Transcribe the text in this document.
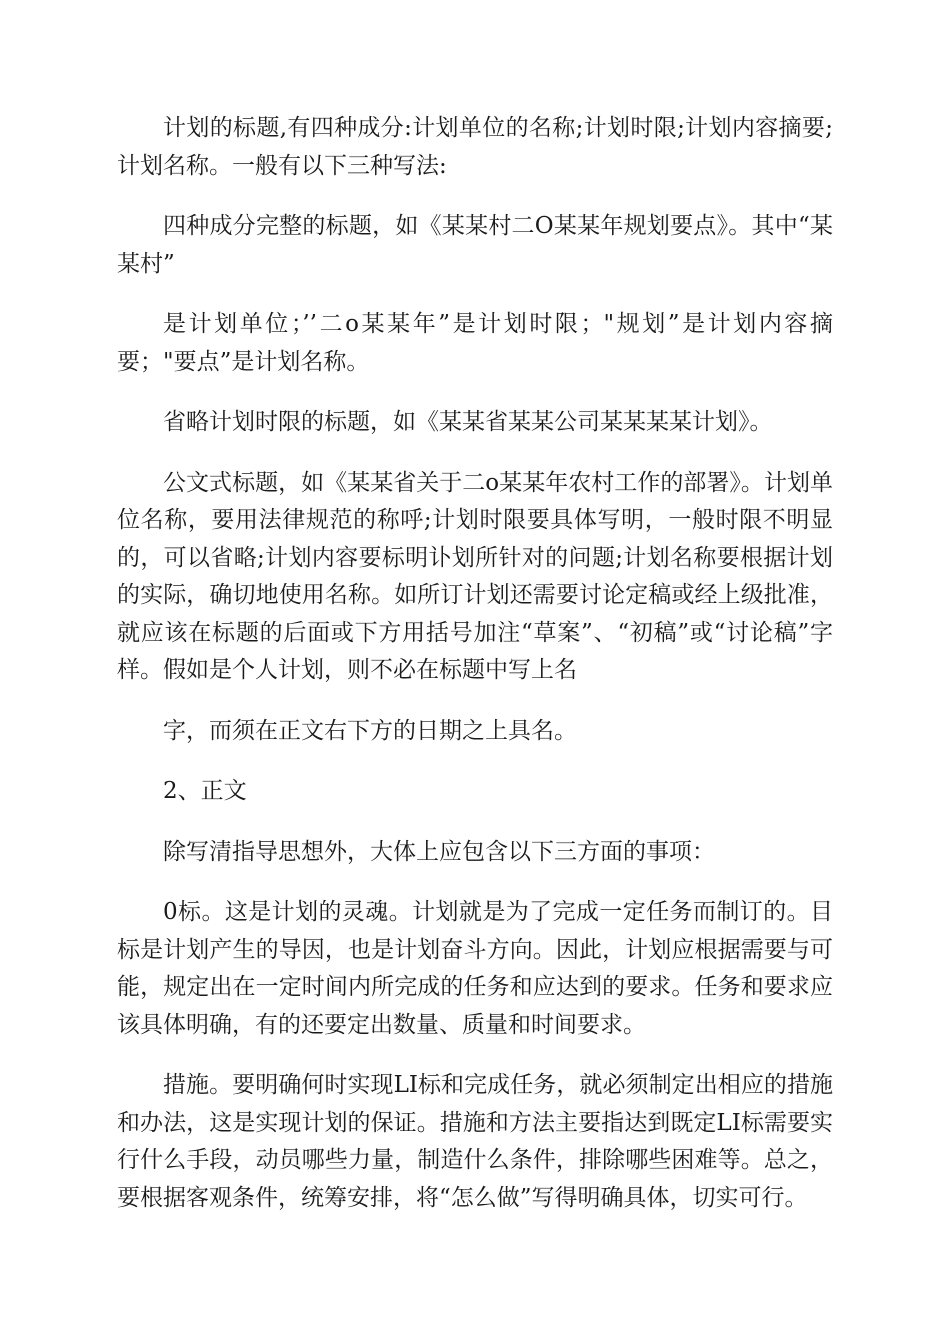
计划的标题,有四种成分:计划单位的名称;计划时限;计划内容摘要;计划名称。一般有以下三种写法:

四种成分完整的标题，如《某某村二O某某年规划要点》。其中“某某村”

是计划单位；’’二o某某年”是计划时限；"规划”是计划内容摘要；"要点”是计划名称。

省略计划时限的标题，如《某某省某某公司某某某某计划》。

公文式标题，如《某某省关于二o某某年农村工作的部署》。计划单位名称，要用法律规范的称呼;计划时限要具体写明，一般时限不明显的，可以省略;计划内容要标明讣划所针对的问题;计划名称要根据计划的实际，确切地使用名称。如所订计划还需要讨论定稿或经上级批准，就应该在标题的后面或下方用括号加注“草案”、“初稿”或“讨论稿”字样。假如是个人计划，则不必在标题中写上名

字，而须在正文右下方的日期之上具名。

2、正文

除写清指导思想外，大体上应包含以下三方面的事项：

0标。这是计划的灵魂。计划就是为了完成一定任务而制订的。目标是计划产生的导因，也是计划奋斗方向。因此，计划应根据需要与可能，规定出在一定时间内所完成的任务和应达到的要求。任务和要求应该具体明确，有的还要定出数量、质量和时间要求。

措施。要明确何时实现LI标和完成任务，就必须制定出相应的措施和办法，这是实现计划的保证。措施和方法主要指达到既定LI标需要实行什么手段，动员哪些力量，制造什么条件，排除哪些困难等。总之，要根据客观条件，统筹安排，将“怎么做”写得明确具体，切实可行。
